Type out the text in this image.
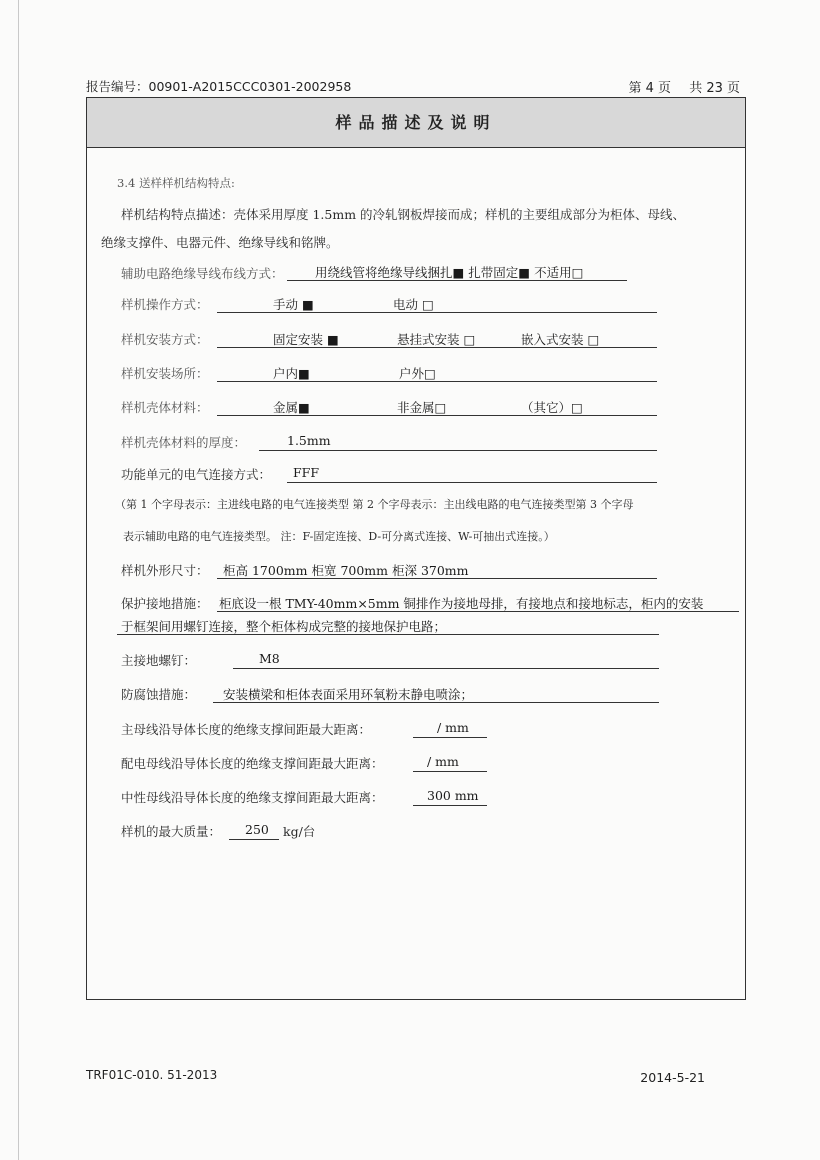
报告编号：00901-A2015CCC0301-2002958	第 4 页 共 23 页
样品描述及说明
3.4 送样样机结构特点:
样机结构特点描述：壳体采用厚度 1.5mm 的冷轧钢板焊接而成；样机的主要组成部分为柜体、母线、
绝缘支撑件、电器元件、绝缘导线和铭牌。
辅助电路绝缘导线布线方式：	用绕线管将绝缘导线捆扎■ 扎带固定■ 不适用□
样机操作方式：	手动 ■	电动 □
样机安装方式：	固定安装 ■	悬挂式安装 □	嵌入式安装 □
样机安装场所：	户内■	户外□
样机壳体材料：	金属■	非金属□	（其它）□
样机壳体材料的厚度：	1.5mm
功能单元的电气连接方式： FFF
（第 1 个字母表示：主进线电路的电气连接类型 第 2 个字母表示：主出线电路的电气连接类型第 3 个字母
表示辅助电路的电气连接类型。 注：F-固定连接、D-可分离式连接、W-可抽出式连接。）
样机外形尺寸： 柜高 1700mm 柜宽 700mm 柜深 370mm
保护接地措施： 柜底设一根 TMY-40mm×5mm 铜排作为接地母排，有接地点和接地标志，柜内的安装
于框架间用螺钉连接，整个柜体构成完整的接地保护电路；
主接地螺钉：	M8
防腐蚀措施： 安装横梁和柜体表面采用环氧粉末静电喷涂；
主母线沿导体长度的绝缘支撑间距最大距离：	/ mm
配电母线沿导体长度的绝缘支撑间距最大距离：	/ mm
中性母线沿导体长度的绝缘支撑间距最大距离：	300 mm
样机的最大质量： 250 kg/台
TRF01C-010. 51-2013	2014-5-21
